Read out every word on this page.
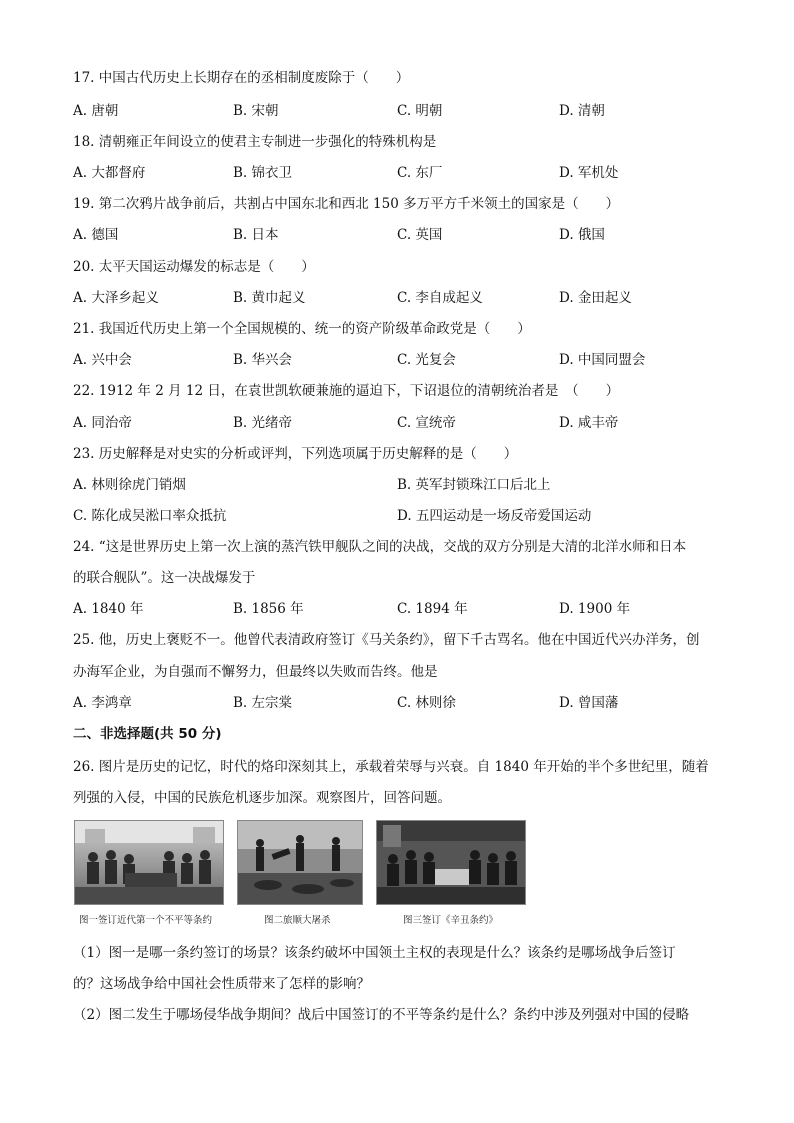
17. 中国古代历史上长期存在的丞相制度废除于（　　）
A. 唐朝	B. 宋朝	C. 明朝	D. 清朝
18. 清朝雍正年间设立的使君主专制进一步强化的特殊机构是
A. 大都督府	B. 锦衣卫	C. 东厂	D. 军机处
19. 第二次鸦片战争前后，共割占中国东北和西北 150 多万平方千米领土的国家是（　　）
A. 德国	B. 日本	C. 英国	D. 俄国
20. 太平天国运动爆发的标志是（　　）
A. 大泽乡起义	B. 黄巾起义	C. 李自成起义	D. 金田起义
21. 我国近代历史上第一个全国规模的、统一的资产阶级革命政党是（　　）
A. 兴中会	B. 华兴会	C. 光复会	D. 中国同盟会
22. 1912 年 2 月 12 日，在袁世凯软硬兼施的逼迫下，下诏退位的清朝统治者是　（　　）
A. 同治帝	B. 光绪帝	C. 宣统帝	D. 咸丰帝
23. 历史解释是对史实的分析或评判，下列选项属于历史解释的是（　　）
A. 林则徐虎门销烟	B. 英军封锁珠江口后北上
C. 陈化成吴淞口率众抵抗	D. 五四运动是一场反帝爱国运动
24. “这是世界历史上第一次上演的蒸汽铁甲舰队之间的决战，交战的双方分别是大清的北洋水师和日本
的联合舰队”。这一决战爆发于
A. 1840 年	B. 1856 年	C. 1894 年	D. 1900 年
25. 他，历史上褒贬不一。他曾代表清政府签订《马关条约》，留下千古骂名。他在中国近代兴办洋务，创
办海军企业，为自强而不懈努力，但最终以失败而告终。他是
A. 李鸿章	B. 左宗棠	C. 林则徐	D. 曾国藩
二、非选择题(共 50 分)
26. 图片是历史的记忆，时代的烙印深刻其上，承载着荣辱与兴衰。自 1840 年开始的半个多世纪里，随着
列强的入侵，中国的民族危机逐步加深。观察图片，回答问题。
图一签订近代第一个不平等条约	图二旅顺大屠杀	图三签订《辛丑条约》
（1）图一是哪一条约签订的场景？该条约破坏中国领土主权的表现是什么？该条约是哪场战争后签订
的？这场战争给中国社会性质带来了怎样的影响？
（2）图二发生于哪场侵华战争期间？战后中国签订的不平等条约是什么？条约中涉及列强对中国的侵略
